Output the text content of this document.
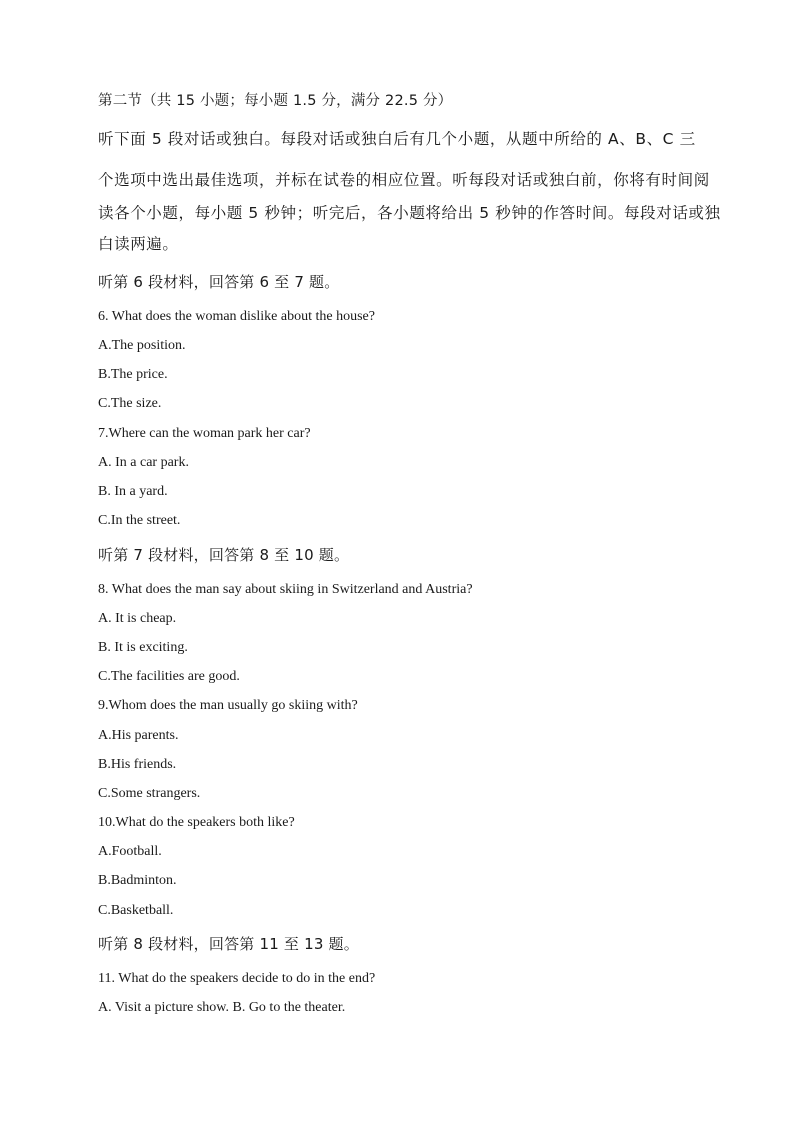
第二节（共 15 小题；每小题 1.5 分，满分 22.5 分）
听下面 5 段对话或独白。每段对话或独白后有几个小题，从题中所给的 A、B、C 三
个选项中选出最佳选项，并标在试卷的相应位置。听每段对话或独白前，你将有时间阅
读各个小题，每小题 5 秒钟；听完后，各小题将给出 5 秒钟的作答时间。每段对话或独
白读两遍。
听第 6 段材料，回答第 6 至 7 题。
6. What does the woman dislike about the house?
A.The position.
B.The price.
C.The size.
7.Where can the woman park her car?
A. In a car park.
B. In a yard.
C.In the street.
听第 7 段材料，回答第 8 至 10 题。
8. What does the man say about skiing in Switzerland and Austria?
A. It is cheap.
B. It is exciting.
C.The facilities are good.
9.Whom does the man usually go skiing with?
A.His parents.
B.His friends.
C.Some strangers.
10.What do the speakers both like?
A.Football.
B.Badminton.
C.Basketball.
听第 8 段材料，回答第 11 至 13 题。
11. What do the speakers decide to do in the end?
A. Visit a picture show. B. Go to the theater.
